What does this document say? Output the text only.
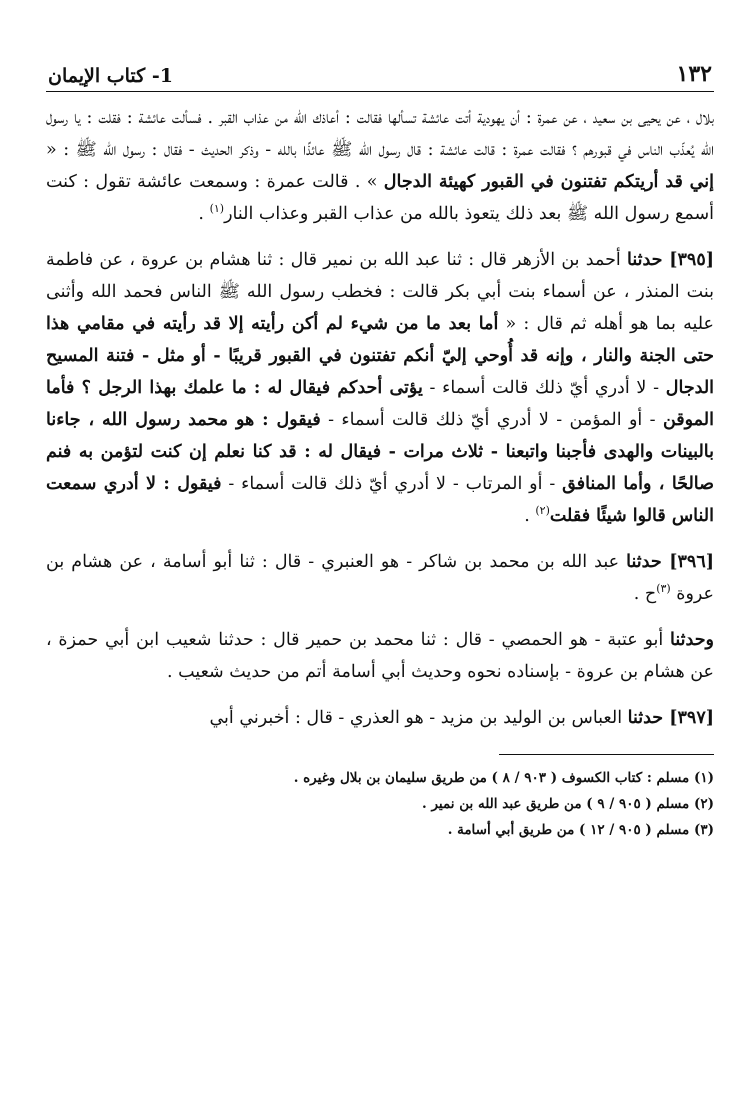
١٣٢
1- كتاب الإيمان

بلال ، عن يحيى بن سعيد ، عن عمرة : أن يهودية أتت عائشة تسألها فقالت : أعاذك الله من عذاب القبر . فسألت عائشة : فقلت : يا رسول الله يُعذّب الناس في قبورهم ؟ فقالت عمرة : قالت عائشة : قال رسول الله ﷺ عائذًا بالله - وذكر الحديث - فقال : رسول الله ﷺ : « إني قد أريتكم تفتنون في القبور كهيئة الدجال » . قالت عمرة : وسمعت عائشة تقول : كنت أسمع رسول الله ﷺ بعد ذلك يتعوذ بالله من عذاب القبر وعذاب النار$^{(١)}$ .

[٣٩٥] حدثنا أحمد بن الأزهر قال : ثنا عبد الله بن نمير قال : ثنا هشام بن عروة ، عن فاطمة بنت المنذر ، عن أسماء بنت أبي بكر قالت : فخطب رسول الله ﷺ الناس فحمد الله وأثنى عليه بما هو أهله ثم قال : « أما بعد ما من شيء لم أكن رأيته إلا قد رأيته في مقامي هذا حتى الجنة والنار ، وإنه قد أُوحي إليّ أنكم تفتنون في القبور قريبًا - أو مثل - فتنة المسيح الدجال - لا أدري أيّ ذلك قالت أسماء - يؤتى أحدكم فيقال له : ما علمك بهذا الرجل ؟ فأما الموقن - أو المؤمن - لا أدري أيّ ذلك قالت أسماء - فيقول : هو محمد رسول الله ، جاءنا بالبينات والهدى فأجبنا واتبعنا - ثلاث مرات - فيقال له : قد كنا نعلم إن كنت لتؤمن به فنم صالحًا ، وأما المنافق - أو المرتاب - لا أدري أيّ ذلك قالت أسماء - فيقول : لا أدري سمعت الناس قالوا شيئًا فقلت$^{(٢)}$ .

[٣٩٦] حدثنا عبد الله بن محمد بن شاكر - هو العنبري - قال : ثنا أبو أسامة ، عن هشام بن عروة $^{(٣)}$ح .

وحدثنا أبو عتبة - هو الحمصي - قال : ثنا محمد بن حمير قال : حدثنا شعيب ابن أبي حمزة ، عن هشام بن عروة - بإسناده نحوه وحديث أبي أسامة أتم من حديث شعيب .

[٣٩٧] حدثنا العباس بن الوليد بن مزيد - هو العذري - قال : أخبرني أبي

(١) مسلم : كتاب الكسوف ( ٩٠٣ / ٨ ) من طريق سليمان بن بلال وغيره .

(٢) مسلم ( ٩٠٥ / ٩ ) من طريق عبد الله بن نمير .

(٣) مسلم ( ٩٠٥ / ١٢ ) من طريق أبي أسامة .
